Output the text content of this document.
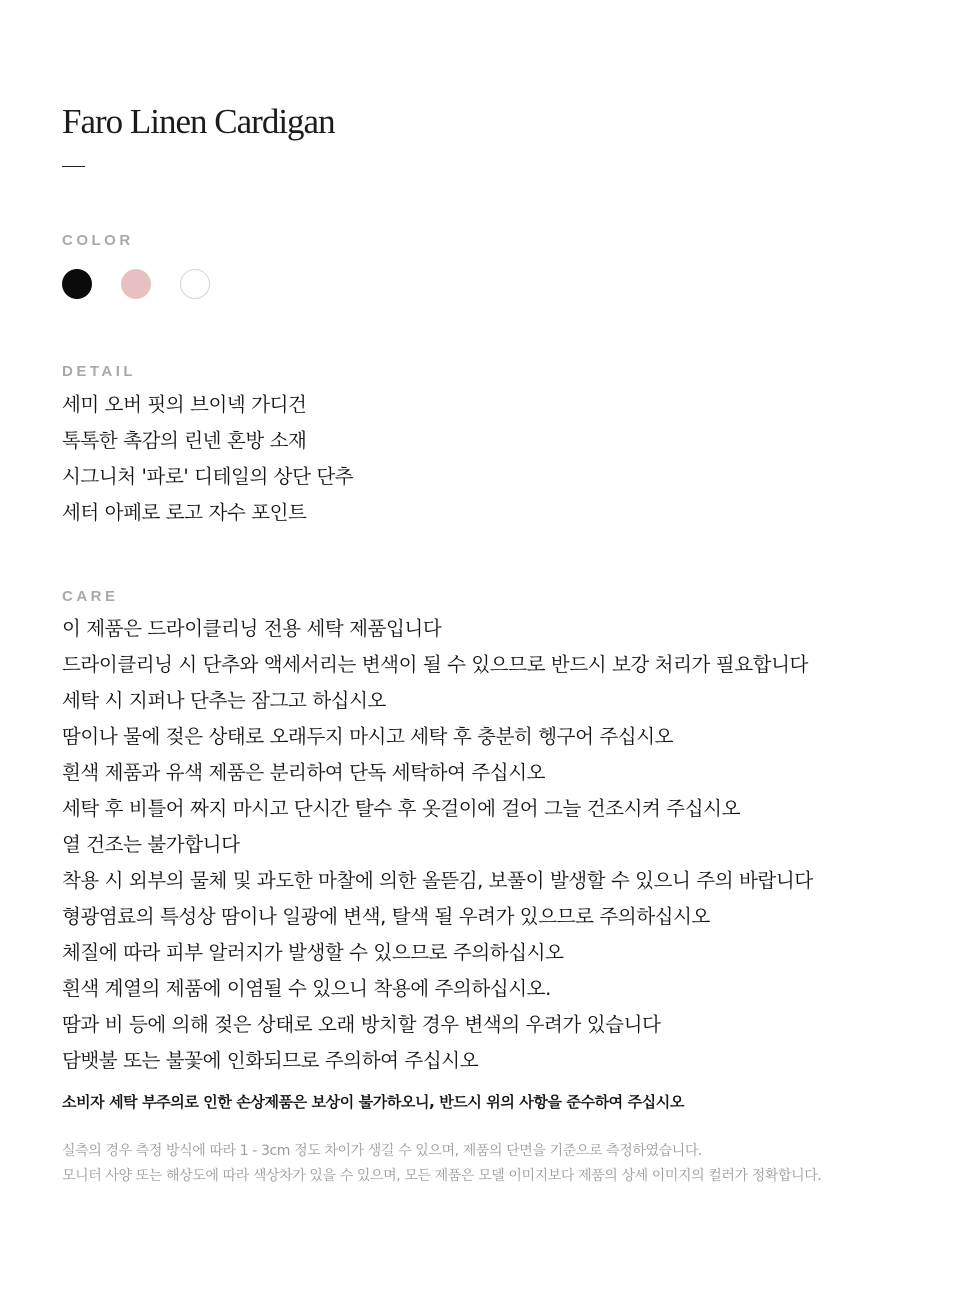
Faro Linen Cardigan
COLOR
DETAIL
세미 오버 핏의 브이넥 가디건
톡톡한 촉감의 린넨 혼방 소재
시그니처 '파로' 디테일의 상단 단추
세터 아페로 로고 자수 포인트
CARE
이 제품은 드라이클리닝 전용 세탁 제품입니다
드라이클리닝 시 단추와 액세서리는 변색이 될 수 있으므로 반드시 보강 처리가 필요합니다
세탁 시 지퍼나 단추는 잠그고 하십시오
땀이나 물에 젖은 상태로 오래두지 마시고 세탁 후 충분히 헹구어 주십시오
흰색 제품과 유색 제품은 분리하여 단독 세탁하여 주십시오
세탁 후 비틀어 짜지 마시고 단시간 탈수 후 옷걸이에 걸어 그늘 건조시켜 주십시오
열 건조는 불가합니다
착용 시 외부의 물체 및 과도한 마찰에 의한 올뜯김, 보풀이 발생할 수 있으니 주의 바랍니다
형광염료의 특성상 땀이나 일광에 변색, 탈색 될 우려가 있으므로 주의하십시오
체질에 따라 피부 알러지가 발생할 수 있으므로 주의하십시오
흰색 계열의 제품에 이염될 수 있으니 착용에 주의하십시오.
땀과 비 등에 의해 젖은 상태로 오래 방치할 경우 변색의 우려가 있습니다
담뱃불 또는 불꽃에 인화되므로 주의하여 주십시오

소비자 세탁 부주의로 인한 손상제품은 보상이 불가하오니, 반드시 위의 사항을 준수하여 주십시오

실측의 경우 측정 방식에 따라 1 - 3cm 정도 차이가 생길 수 있으며, 제품의 단면을 기준으로 측정하였습니다.
모니터 사양 또는 해상도에 따라 색상차가 있을 수 있으며, 모든 제품은 모델 이미지보다 제품의 상세 이미지의 컬러가 정확합니다.
